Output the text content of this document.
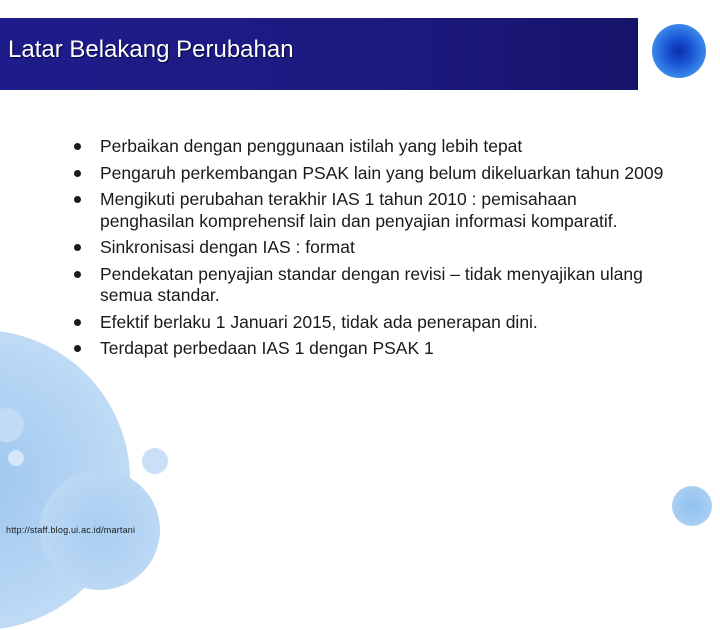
Latar Belakang Perubahan
Perbaikan dengan penggunaan istilah yang lebih tepat
Pengaruh perkembangan PSAK lain yang belum dikeluarkan tahun 2009
Mengikuti perubahan terakhir IAS 1 tahun 2010 : pemisahaan penghasilan komprehensif lain dan penyajian informasi komparatif.
Sinkronisasi dengan IAS : format
Pendekatan penyajian standar dengan revisi – tidak menyajikan ulang semua standar.
Efektif berlaku 1 Januari 2015, tidak ada penerapan dini.
Terdapat perbedaan IAS 1 dengan PSAK 1
http://staff.blog.ui.ac.id/martani
